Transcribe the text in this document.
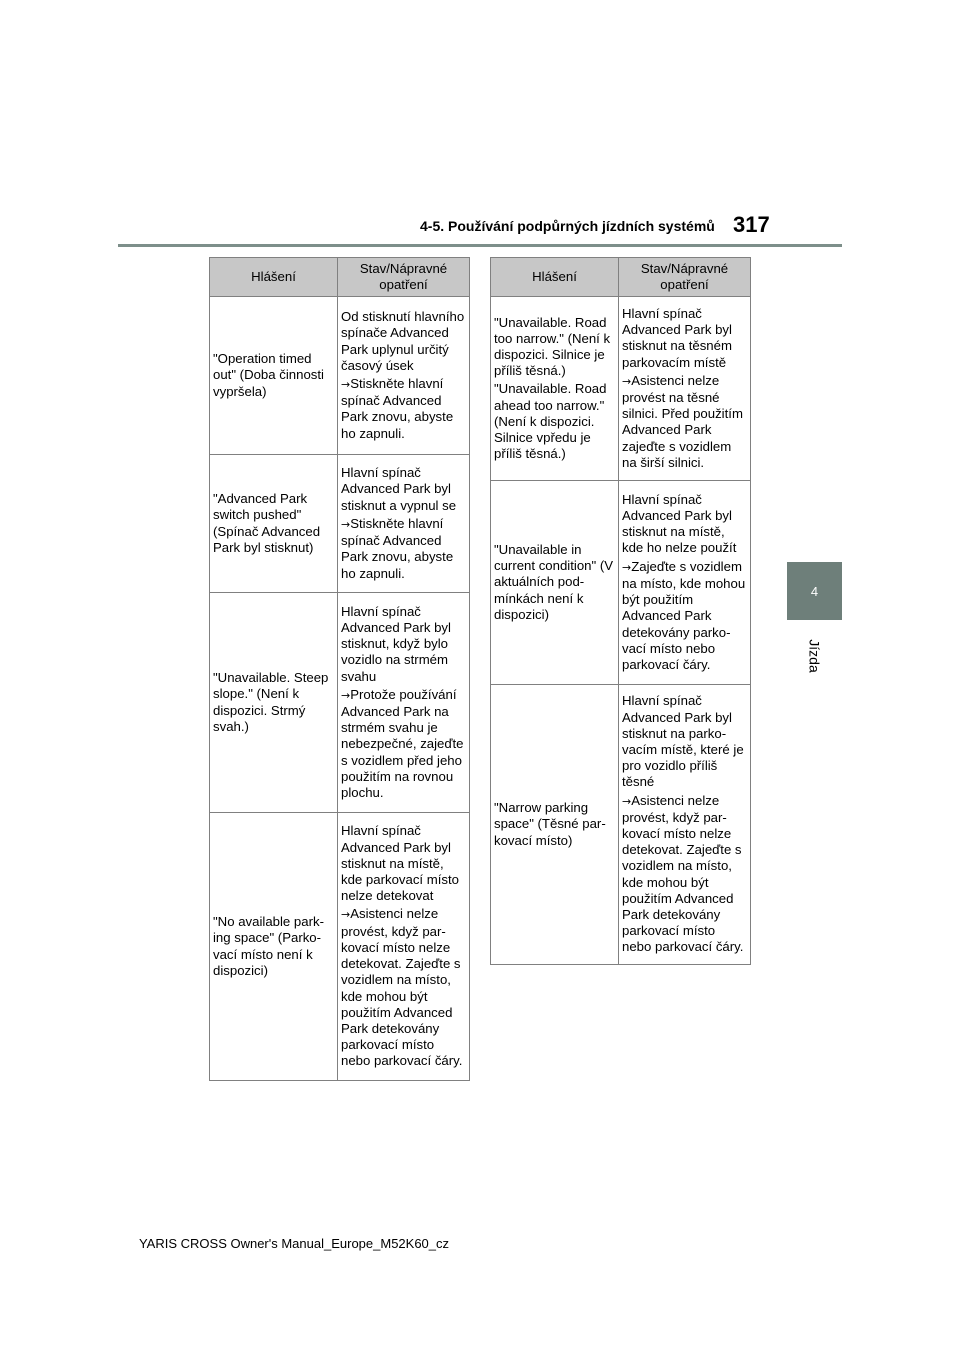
4-5. Používání podpůrných jízdních systémů 317
4
Jízda
Hlášení	Stav/Nápravné opatření
"Operation timed out" (Doba činnosti vypršela)	Od stisknutí hlavního spínače Advanced Park uplynul určitý časový úsek
→Stiskněte hlavní spínač Advanced Park znovu, abyste ho zapnuli.

"Advanced Park switch pushed" (Spínač Advanced Park byl stisknut)	Hlavní spínač Advanced Park byl stisknut a vypnul se
→Stiskněte hlavní spínač Advanced Park znovu, abyste ho zapnuli.

"Unavailable. Steep slope." (Není k dispozici. Strmý svah.)	Hlavní spínač Advanced Park byl stisknut, když bylo vozidlo na strmém svahu
→Protože používání Advanced Park na strmém svahu je nebezpečné, zajeďte s vozidlem před jeho použitím na rovnou plochu.

"No available parking space" (Parkovací místo není k dispozici)	Hlavní spínač Advanced Park byl stisknut na místě, kde parkovací místo nelze detekovat
→Asistenci nelze provést, když parkovací místo nelze detekovat. Zajeďte s vozidlem na místo, kde mohou být použitím Advanced Park detekovány parkovací místo nebo parkovací čáry.
Hlášení	Stav/Nápravné opatření

"Unavailable. Road too narrow." (Není k dispozici. Silnice je příliš těsná.)
"Unavailable. Road ahead too narrow." (Není k dispozici. Silnice vpředu je příliš těsná.)	Hlavní spínač Advanced Park byl stisknut na těsném parkovacím místě
→Asistenci nelze provést na těsné silnici. Před použitím Advanced Park zajeďte s vozidlem na širší silnici.

"Unavailable in current condition" (V aktuálních podmínkách není k dispozici)	Hlavní spínač Advanced Park byl stisknut na místě, kde ho nelze použít
→Zajeďte s vozidlem na místo, kde mohou být použitím Advanced Park detekovány parkovací místo nebo parkovací čáry.

"Narrow parking space" (Těsné parkovací místo)	Hlavní spínač Advanced Park byl stisknut na parkovacím místě, které je pro vozidlo příliš těsné
→Asistenci nelze provést, když parkovací místo nelze detekovat. Zajeďte s vozidlem na místo, kde mohou být použitím Advanced Park detekovány parkovací místo nebo parkovací čáry.
YARIS CROSS Owner's Manual_Europe_M52K60_cz
